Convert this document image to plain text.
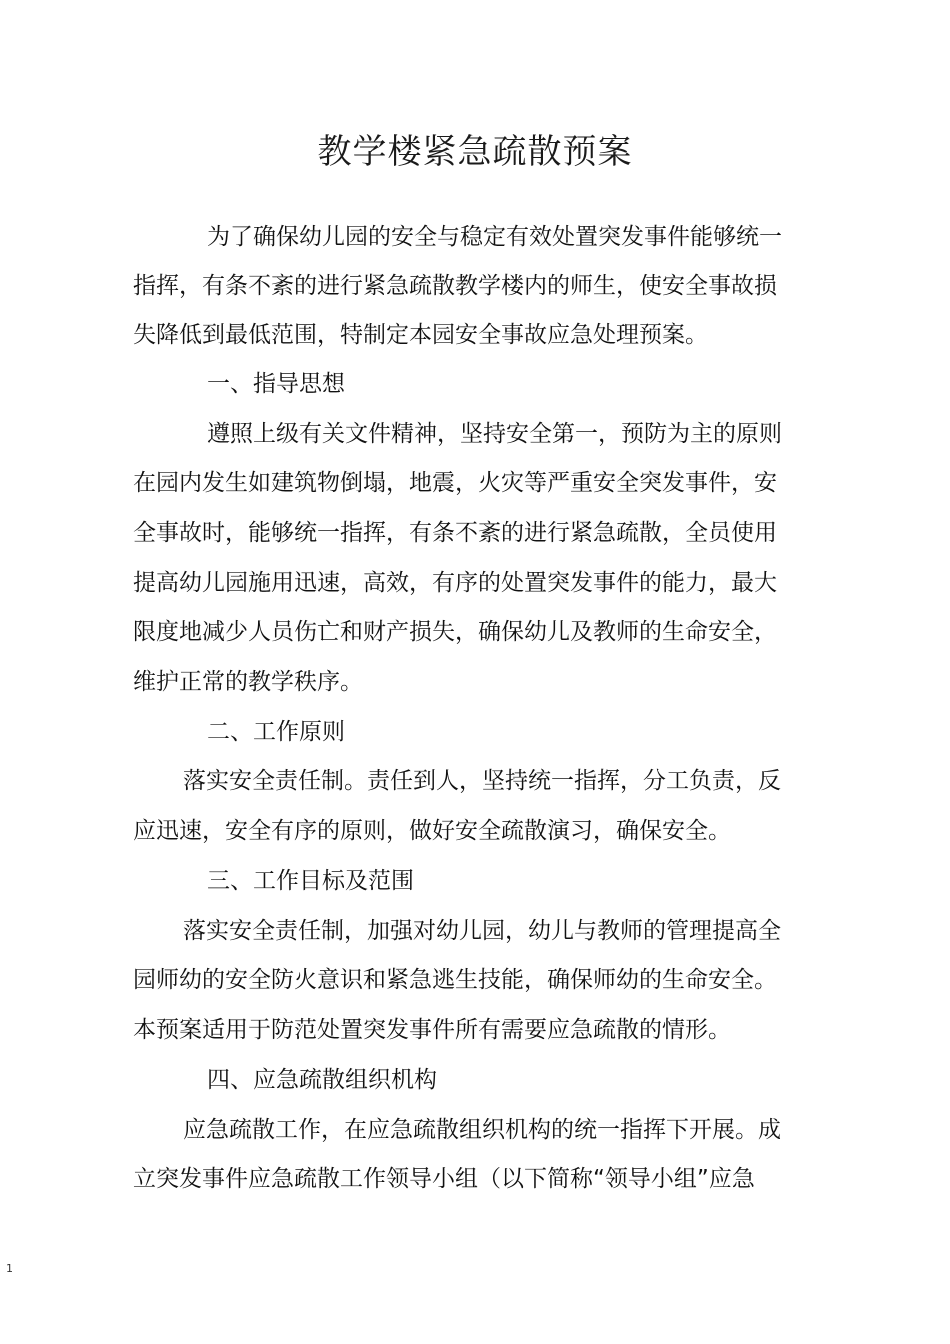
教学楼紧急疏散预案
为了确保幼儿园的安全与稳定有效处置突发事件能够统一
指挥，有条不紊的进行紧急疏散教学楼内的师生，使安全事故损
失降低到最低范围，特制定本园安全事故应急处理预案。
一、指导思想
遵照上级有关文件精神，坚持安全第一，预防为主的原则
在园内发生如建筑物倒塌，地震，火灾等严重安全突发事件，安
全事故时，能够统一指挥，有条不紊的进行紧急疏散，全员使用
提高幼儿园施用迅速，高效，有序的处置突发事件的能力，最大
限度地减少人员伤亡和财产损失，确保幼儿及教师的生命安全，
维护正常的教学秩序。
二、工作原则
落实安全责任制。责任到人，坚持统一指挥，分工负责，反
应迅速，安全有序的原则，做好安全疏散演习，确保安全。
三、工作目标及范围
落实安全责任制，加强对幼儿园，幼儿与教师的管理提高全
园师幼的安全防火意识和紧急逃生技能，确保师幼的生命安全。
本预案适用于防范处置突发事件所有需要应急疏散的情形。
四、应急疏散组织机构
应急疏散工作，在应急疏散组织机构的统一指挥下开展。成
立突发事件应急疏散工作领导小组（以下简称“领导小组”应急
1
